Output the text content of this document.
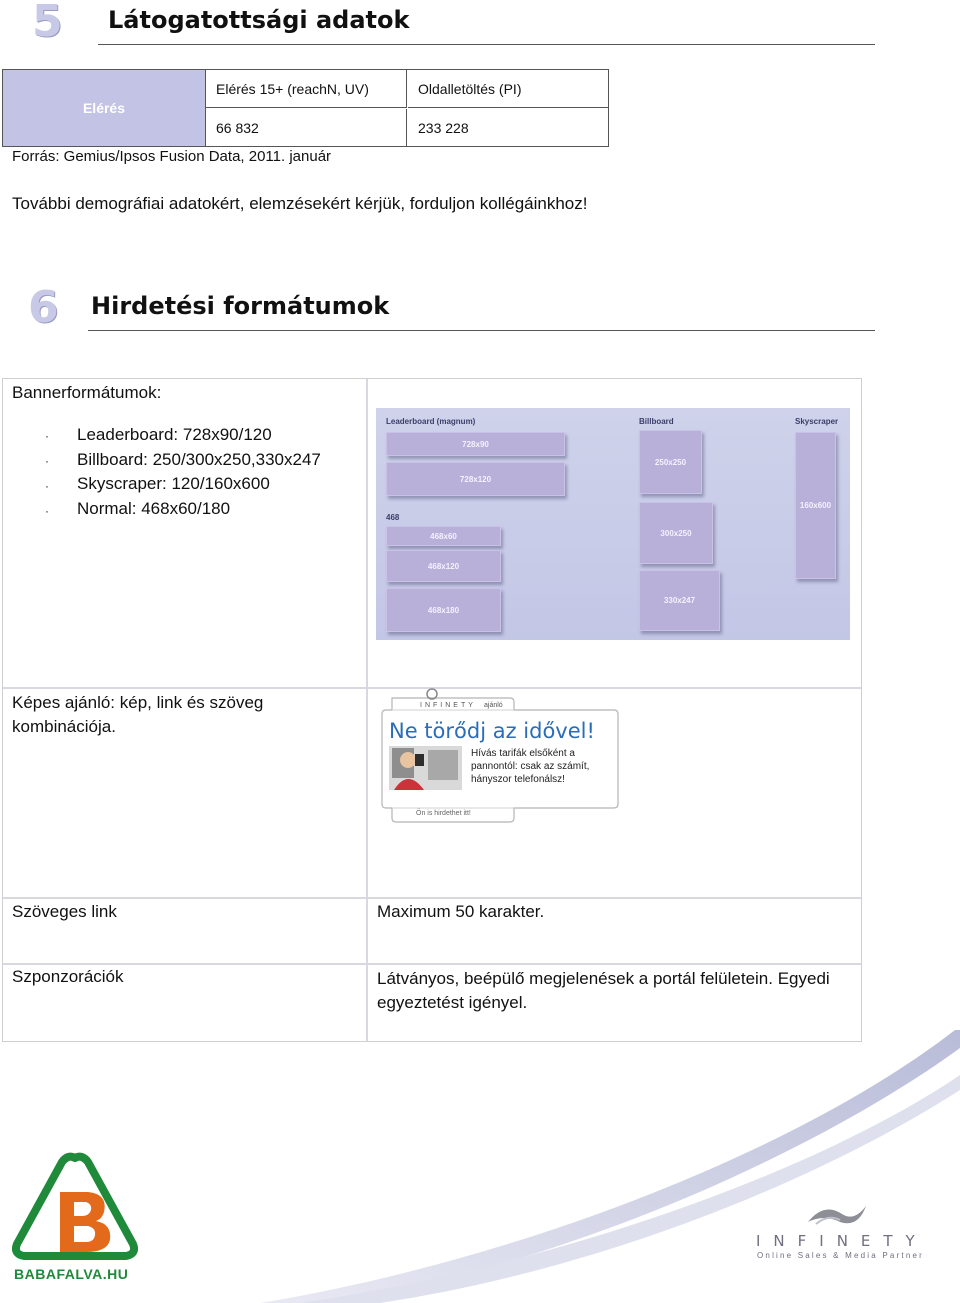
5 Látogatottsági adatok
Elérés
Elérés 15+ (reachN, UV)	Oldalletöltés (PI)
66 832	233 228
Forrás: Gemius/Ipsos Fusion Data, 2011. január
További demográfiai adatokért, elemzésekért kérjük, forduljon kollégáinkhoz!
6 Hirdetési formátumok
Bannerformátumok:
· Leaderboard: 728x90/120
· Billboard: 250/300x250,330x247
· Skyscraper: 120/160x600
· Normal: 468x60/180
Leaderboard (magnum)	Billboard	Skyscraper
468
728x90
728x120
468x60
468x120
468x180
250x250
300x250
330x247
160x600
Képes ajánló: kép, link és szöveg kombinációja.
INFINETY ajánló
Ne törődj az idővel!
Hívás tarifák elsőként a
pannontól: csak az számít,
hányszor telefonálsz!
Ön is hirdethet itt!
Szöveges link	Maximum 50 karakter.
Szponzorációk	Látványos, beépülő megjelenések a portál felületein. Egyedi egyeztetést igényel.
BABAFALVA.HU
INFINETY
Online Sales & Media Partner
